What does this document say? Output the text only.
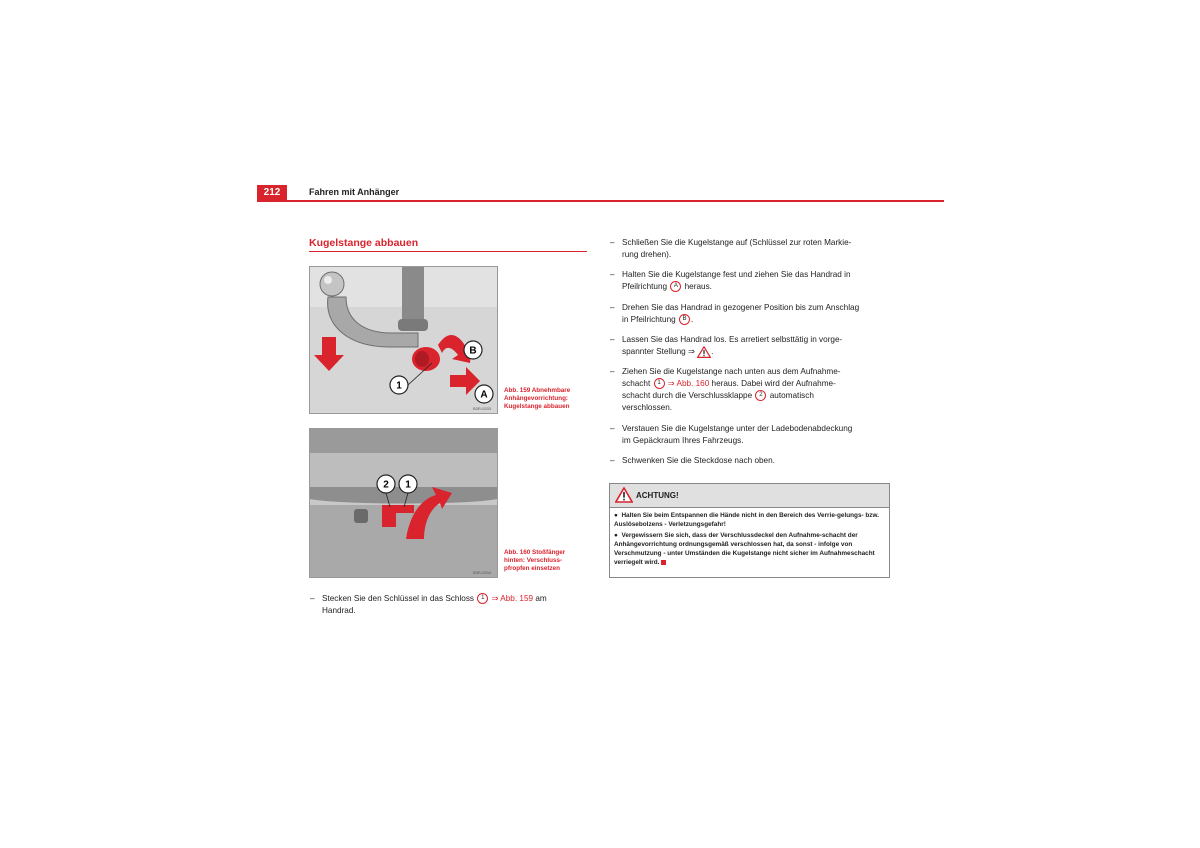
212	Fahren mit Anhänger
Kugelstange abbauen
1
A
B
B3R-0203
Abb. 159 Abnehmbare
Anhängevorrichtung:
Kugelstange abbauen
2 1
B3R-0204
Abb. 160 Stoßfänger
hinten: Verschluss-
pfropfen einsetzen
– Stecken Sie den Schlüssel in das Schloss 1 ⇒ Abb. 159 am
Handrad.
– Schließen Sie die Kugelstange auf (Schlüssel zur roten Markie-
rung drehen).
– Halten Sie die Kugelstange fest und ziehen Sie das Handrad in
Pfeilrichtung A heraus.
– Drehen Sie das Handrad in gezogener Position bis zum Anschlag
in Pfeilrichtung B .
– Lassen Sie das Handrad los. Es arretiert selbsttätig in vorge-
spannter Stellung ⇒ .
– Ziehen Sie die Kugelstange nach unten aus dem Aufnahme-
schacht 1 ⇒ Abb. 160 heraus. Dabei wird der Aufnahme-
schacht durch die Verschlussklappe 2 automatisch
verschlossen.
– Verstauen Sie die Kugelstange unter der Ladebodenabdeckung
im Gepäckraum Ihres Fahrzeugs.
– Schwenken Sie die Steckdose nach oben.
ACHTUNG!

● Halten Sie beim Entspannen die Hände nicht in den Bereich des Verrie-gelungs- bzw. Auslösebolzens - Verletzungsgefahr!

● Vergewissern Sie sich, dass der Verschlussdeckel den Aufnahme-schacht der Anhängevorrichtung ordnungsgemäß verschlossen hat, da sonst - infolge von Verschmutzung - unter Umständen die Kugelstange nicht sicher im Aufnahmeschacht verriegelt wird.
